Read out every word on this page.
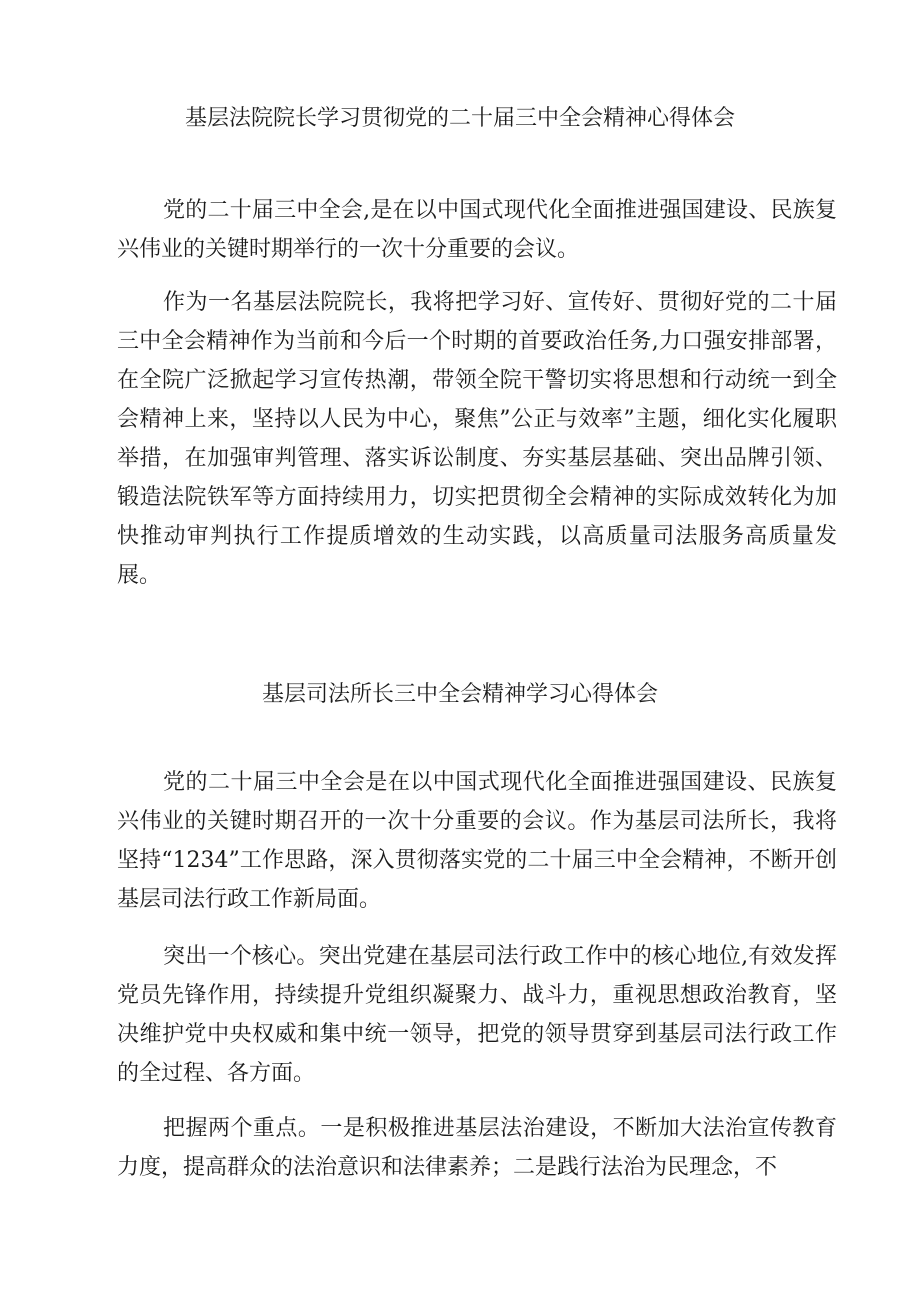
基层法院院长学习贯彻党的二十届三中全会精神心得体会

党的二十届三中全会,是在以中国式现代化全面推进强国建设、民族复兴伟业的关键时期举行的一次十分重要的会议。

作为一名基层法院院长，我将把学习好、宣传好、贯彻好党的二十届三中全会精神作为当前和今后一个时期的首要政治任务,力口强安排部署，在全院广泛掀起学习宣传热潮，带领全院干警切实将思想和行动统一到全会精神上来，坚持以人民为中心，聚焦”公正与效率”主题，细化实化履职举措，在加强审判管理、落实诉讼制度、夯实基层基础、突出品牌引领、锻造法院铁军等方面持续用力，切实把贯彻全会精神的实际成效转化为加快推动审判执行工作提质增效的生动实践，以高质量司法服务高质量发展。

基层司法所长三中全会精神学习心得体会

党的二十届三中全会是在以中国式现代化全面推进强国建设、民族复兴伟业的关键时期召开的一次十分重要的会议。作为基层司法所长，我将坚持“1234”工作思路，深入贯彻落实党的二十届三中全会精神，不断开创基层司法行政工作新局面。

突出一个核心。突出党建在基层司法行政工作中的核心地位,有效发挥党员先锋作用，持续提升党组织凝聚力、战斗力，重视思想政治教育，坚决维护党中央权威和集中统一领导，把党的领导贯穿到基层司法行政工作的全过程、各方面。

把握两个重点。一是积极推进基层法治建设，不断加大法治宣传教育力度，提高群众的法治意识和法律素养；二是践行法治为民理念，不
